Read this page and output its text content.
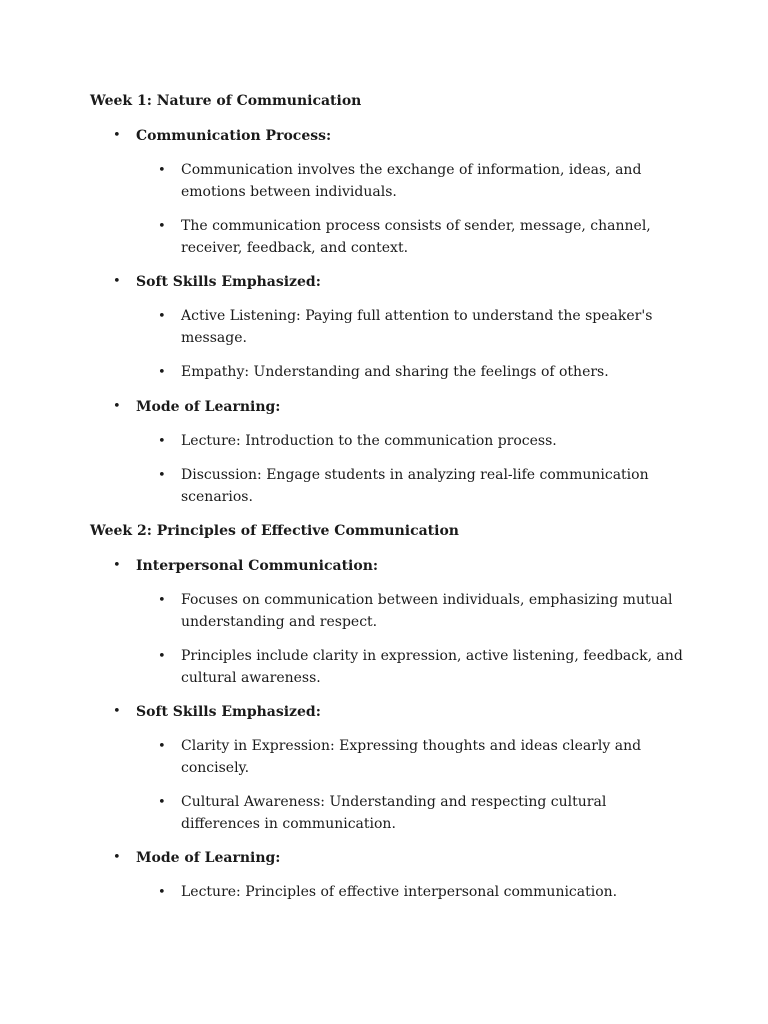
Week 1: Nature of Communication
• Communication Process:
• Communication involves the exchange of information, ideas, and emotions between individuals.
• The communication process consists of sender, message, channel, receiver, feedback, and context.
• Soft Skills Emphasized:
• Active Listening: Paying full attention to understand the speaker's message.
• Empathy: Understanding and sharing the feelings of others.
• Mode of Learning:
• Lecture: Introduction to the communication process.
• Discussion: Engage students in analyzing real-life communication scenarios.
Week 2: Principles of Effective Communication
• Interpersonal Communication:
• Focuses on communication between individuals, emphasizing mutual understanding and respect.
• Principles include clarity in expression, active listening, feedback, and cultural awareness.
• Soft Skills Emphasized:
• Clarity in Expression: Expressing thoughts and ideas clearly and concisely.
• Cultural Awareness: Understanding and respecting cultural differences in communication.
• Mode of Learning:
• Lecture: Principles of effective interpersonal communication.
